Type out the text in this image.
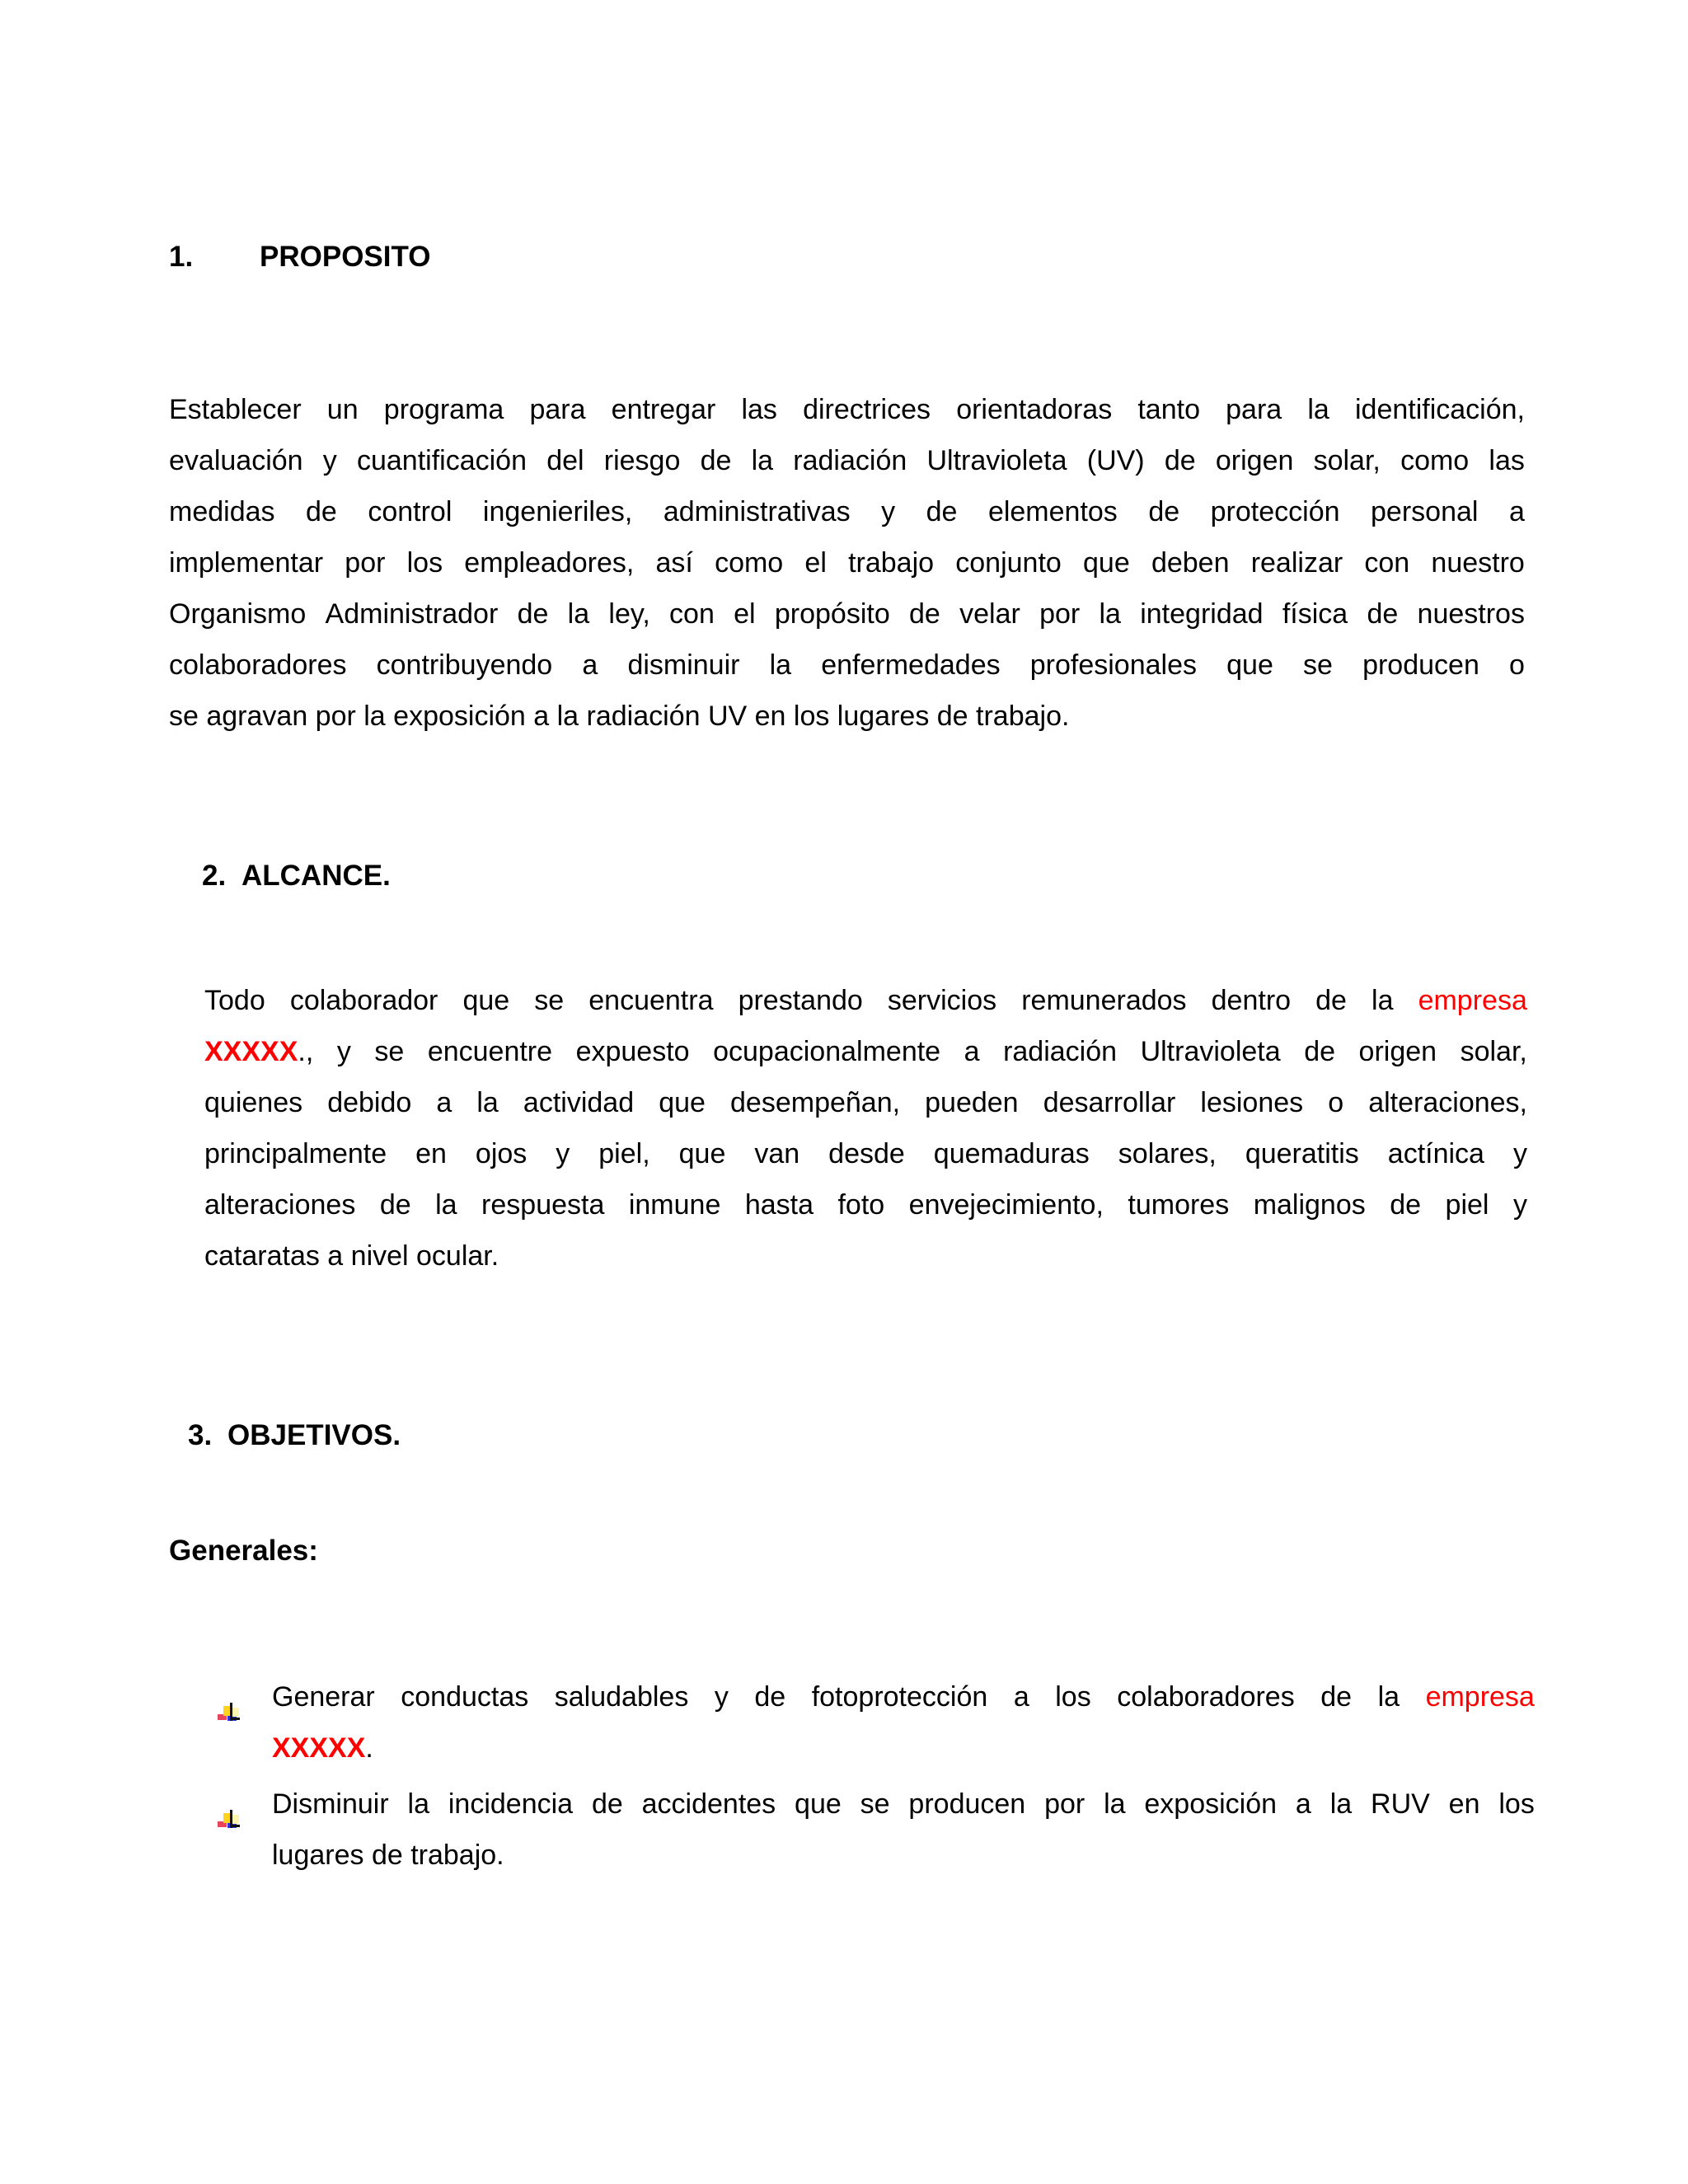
1.	PROPOSITO
Establecer un programa para entregar las directrices orientadoras tanto para la identificación,
evaluación y cuantificación del riesgo de la radiación Ultravioleta (UV) de origen solar, como las
medidas de control ingenieriles, administrativas y de elementos de protección personal a
implementar por los empleadores, así como el trabajo conjunto que deben realizar con nuestro
Organismo Administrador de la ley, con el propósito de velar por la integridad física de nuestros
colaboradores contribuyendo a disminuir la enfermedades profesionales que se producen o
se agravan por la exposición a la radiación UV en los lugares de trabajo.
2. ALCANCE.
Todo colaborador que se encuentra prestando servicios remunerados dentro de la empresa
XXXXX., y se encuentre expuesto ocupacionalmente a radiación Ultravioleta de origen solar,
quienes debido a la actividad que desempeñan, pueden desarrollar lesiones o alteraciones,
principalmente en ojos y piel, que van desde quemaduras solares, queratitis actínica y
alteraciones de la respuesta inmune hasta foto envejecimiento, tumores malignos de piel y
cataratas a nivel ocular.
3. OBJETIVOS.
Generales:
Generar conductas saludables y de fotoprotección a los colaboradores de la empresa
XXXXX.
Disminuir la incidencia de accidentes que se producen por la exposición a la RUV en los
lugares de trabajo.
